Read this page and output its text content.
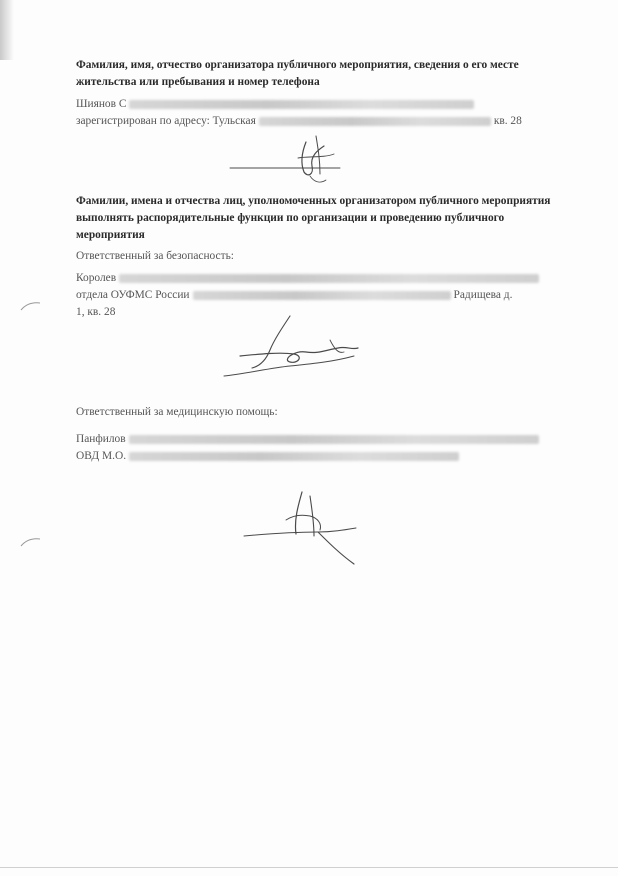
Фамилия, имя, отчество организатора публичного мероприятия, сведения о его месте жительства или пребывания и номер телефона
Шиянов С
зарегистрирован по адресу: Тульская	кв. 28
Фамилии, имена и отчества лиц, уполномоченных организатором публичного мероприятия выполнять распорядительные функции по организации и проведению публичного мероприятия
Ответственный за безопасность:
Королев
отдела ОУФМС России	Радищева д.
1, кв. 28
Ответственный за медицинскую помощь:
Панфилов
ОВД М.О.
